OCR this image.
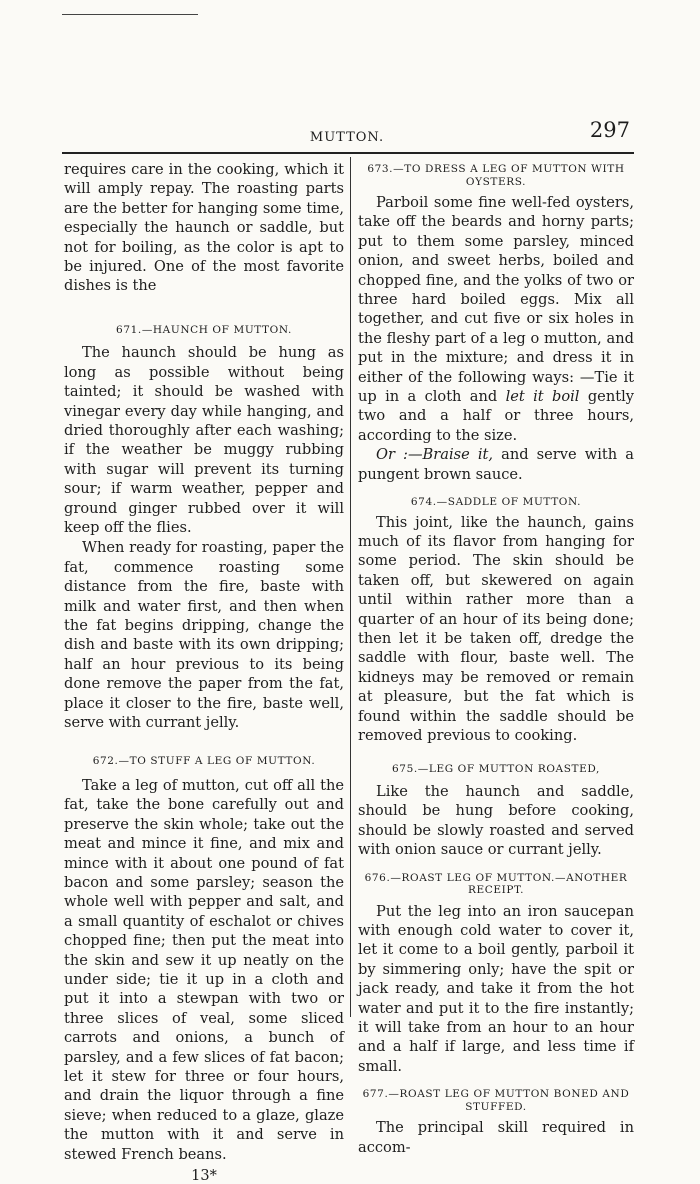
MUTTON.	297

requires care in the cooking, which it will amply repay. The roasting parts are the better for hanging some time, especially the haunch or saddle, but not for boiling, as the color is apt to be injured. One of the most favorite dishes is the

671.—HAUNCH OF MUTTON.

The haunch should be hung as long as possible without being tainted; it should be washed with vinegar every day while hanging, and dried thoroughly after each washing; if the weather be muggy rubbing with sugar will prevent its turning sour; if warm weather, pepper and ground ginger rubbed over it will keep off the flies.

When ready for roasting, paper the fat, commence roasting some distance from the fire, baste with milk and water first, and then when the fat begins dripping, change the dish and baste with its own dripping; half an hour previous to its being done remove the paper from the fat, place it closer to the fire, baste well, serve with currant jelly.

672.—TO STUFF A LEG OF MUTTON.

Take a leg of mutton, cut off all the fat, take the bone carefully out and preserve the skin whole; take out the meat and mince it fine, and mix and mince with it about one pound of fat bacon and some parsley; season the whole well with pepper and salt, and a small quantity of eschalot or chives chopped fine; then put the meat into the skin and sew it up neatly on the under side; tie it up in a cloth and put it into a stewpan with two or three slices of veal, some sliced carrots and onions, a bunch of parsley, and a few slices of fat bacon; let it stew for three or four hours, and drain the liquor through a fine sieve; when reduced to a glaze, glaze the mutton with it and serve in stewed French beans.

13*

673.—TO DRESS A LEG OF MUTTON WITH
OYSTERS.

Parboil some fine well-fed oysters, take off the beards and horny parts; put to them some parsley, minced onion, and sweet herbs, boiled and chopped fine, and the yolks of two or three hard boiled eggs. Mix all together, and cut five or six holes in the fleshy part of a leg o mutton, and put in the mixture; and dress it in either of the following ways: —Tie it up in a cloth and let it boil gently two and a half or three hours, according to the size.

Or :—Braise it, and serve with a pungent brown sauce.

674.—SADDLE OF MUTTON.

This joint, like the haunch, gains much of its flavor from hanging for some period. The skin should be taken off, but skewered on again until within rather more than a quarter of an hour of its being done; then let it be taken off, dredge the saddle with flour, baste well. The kidneys may be removed or remain at pleasure, but the fat which is found within the saddle should be removed previous to cooking.

675.—LEG OF MUTTON ROASTED,

Like the haunch and saddle, should be hung before cooking, should be slowly roasted and served with onion sauce or currant jelly.

676.—ROAST LEG OF MUTTON.—ANOTHER
RECEIPT.

Put the leg into an iron saucepan with enough cold water to cover it, let it come to a boil gently, parboil it by simmering only; have the spit or jack ready, and take it from the hot water and put it to the fire instantly; it will take from an hour to an hour and a half if large, and less time if small.

677.—ROAST LEG OF MUTTON BONED AND
STUFFED.

The principal skill required in accom-
